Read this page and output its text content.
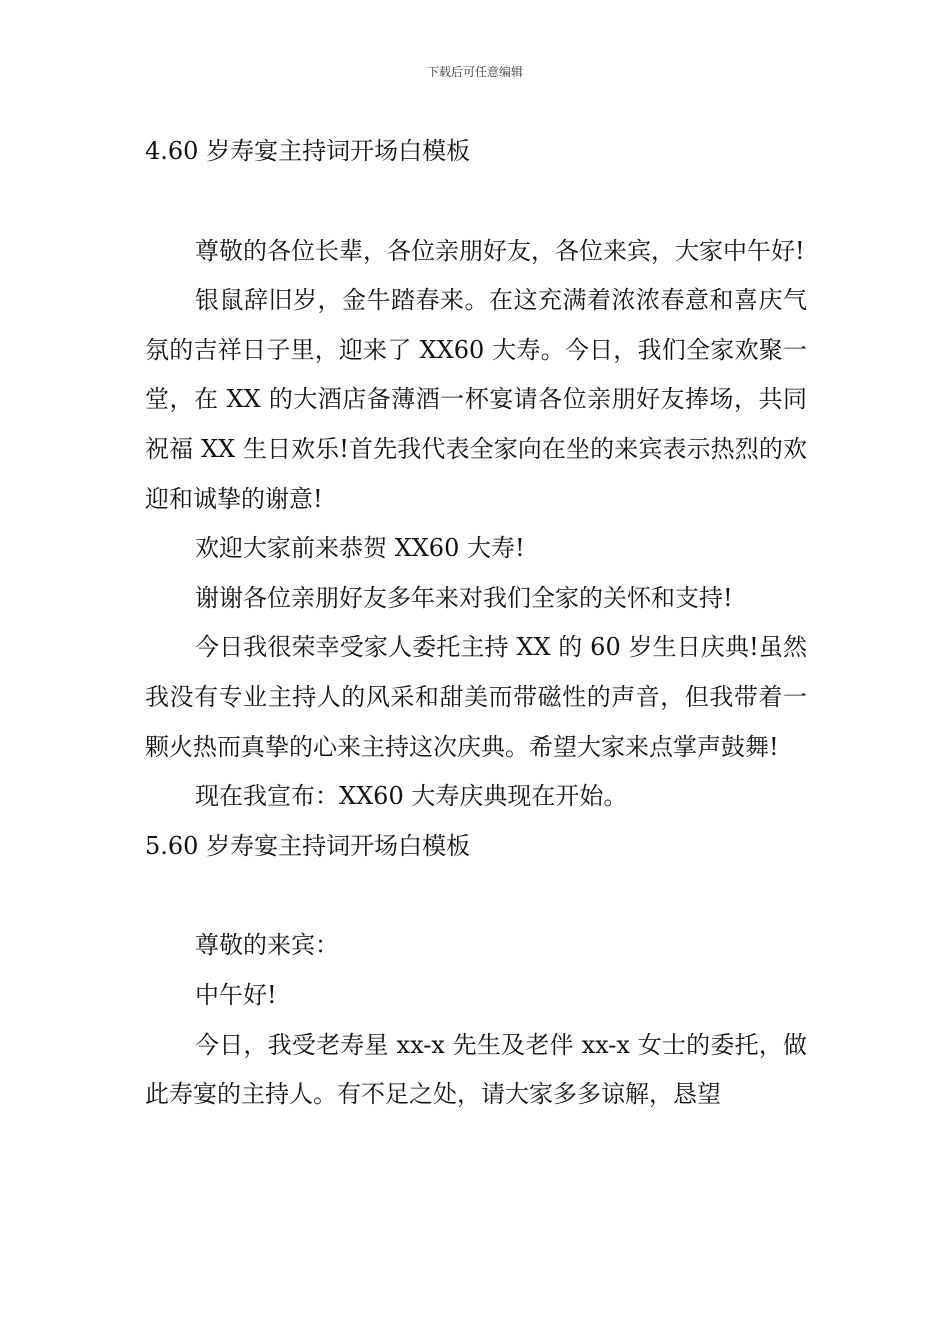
下载后可任意编辑

4.60 岁寿宴主持词开场白模板

尊敬的各位长辈，各位亲朋好友，各位来宾，大家中午好!

银鼠辞旧岁，金牛踏春来。在这充满着浓浓春意和喜庆气氛的吉祥日子里，迎来了 XX60 大寿。今日，我们全家欢聚一堂，在 XX 的大酒店备薄酒一杯宴请各位亲朋好友捧场，共同祝福 XX 生日欢乐!首先我代表全家向在坐的来宾表示热烈的欢迎和诚挚的谢意!

欢迎大家前来恭贺 XX60 大寿!

谢谢各位亲朋好友多年来对我们全家的关怀和支持!

今日我很荣幸受家人委托主持 XX 的 60 岁生日庆典!虽然我没有专业主持人的风采和甜美而带磁性的声音，但我带着一颗火热而真挚的心来主持这次庆典。希望大家来点掌声鼓舞!

现在我宣布：XX60 大寿庆典现在开始。

5.60 岁寿宴主持词开场白模板

尊敬的来宾：

中午好!

今日，我受老寿星 xx-x 先生及老伴 xx-x 女士的委托，做此寿宴的主持人。有不足之处，请大家多多谅解，恳望
